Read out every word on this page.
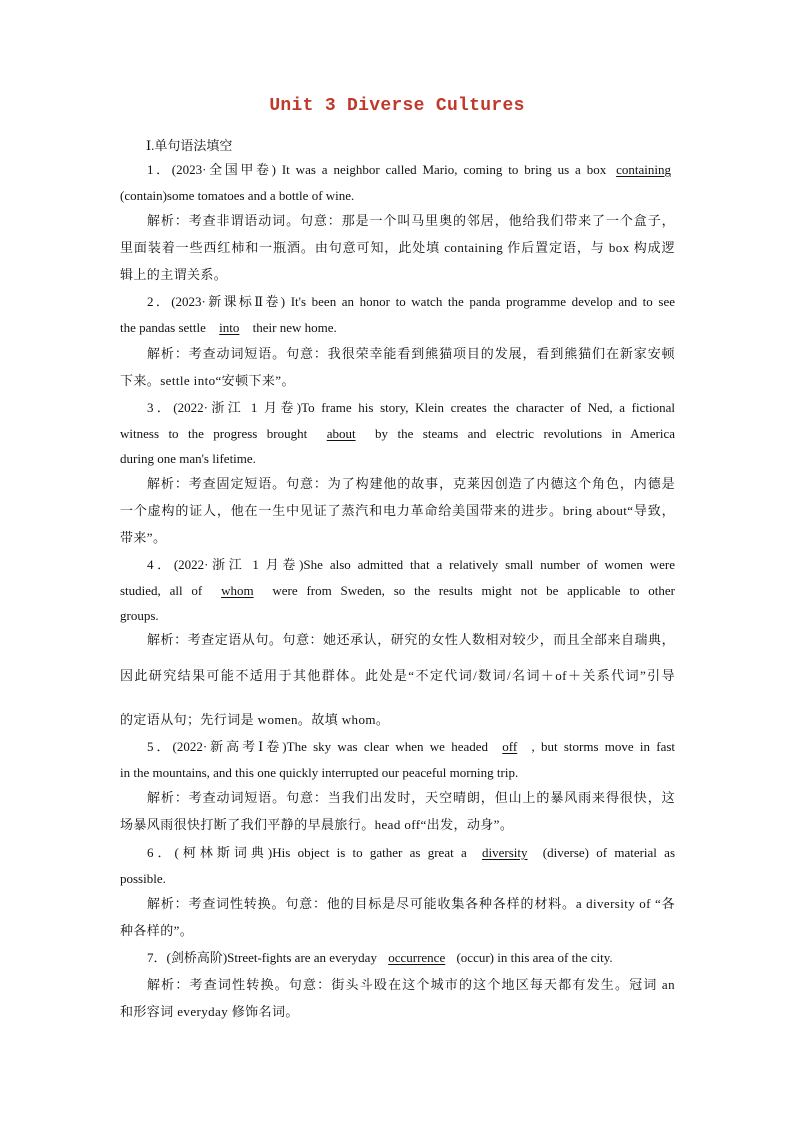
Unit 3 Diverse Cultures
Ⅰ.单句语法填空
1．(2023·全国甲卷) It was a neighbor called Mario, coming to bring us a box containing
(contain)some tomatoes and a bottle of wine.
解析：考查非谓语动词。句意：那是一个叫马里奥的邻居，他给我们带来了一个盒子，
里面装着一些西红柿和一瓶酒。由句意可知，此处填 containing 作后置定语，与 box 构成逻
辑上的主谓关系。
2．(2023·新课标Ⅱ卷) It's been an honor to watch the panda programme develop and to see
the pandas settle into their new home.
解析：考查动词短语。句意：我很荣幸能看到熊猫项目的发展，看到熊猫们在新家安顿
下来。settle into“安顿下来”。
3．(2022·浙江 1 月卷)To frame his story, Klein creates the character of Ned, a fictional
witness to the progress brought about by the steams and electric revolutions in America
during one man's lifetime.
解析：考查固定短语。句意：为了构建他的故事，克莱因创造了内德这个角色，内德是
一个虚构的证人，他在一生中见证了蒸汽和电力革命给美国带来的进步。bring about“导致，
带来”。
4．(2022·浙江 1 月卷)She also admitted that a relatively small number of women were
studied, all of whom were from Sweden, so the results might not be applicable to other
groups.
解析：考查定语从句。句意：她还承认，研究的女性人数相对较少，而且全部来自瑞典，
因此研究结果可能不适用于其他群体。此处是“不定代词/数词/名词＋of＋关系代词”引导
的定语从句；先行词是 women。故填 whom。
5．(2022·新高考Ⅰ卷)The sky was clear when we headed off , but storms move in fast
in the mountains, and this one quickly interrupted our peaceful morning trip.
解析：考查动词短语。句意：当我们出发时，天空晴朗，但山上的暴风雨来得很快，这
场暴风雨很快打断了我们平静的早晨旅行。head off“出发，动身”。
6．(柯林斯词典)His object is to gather as great a diversity (diverse) of material as
possible.
解析：考查词性转换。句意：他的目标是尽可能收集各种各样的材料。a diversity of “各
种各样的”。
7．(剑桥高阶)Street-fights are an everyday occurrence (occur) in this area of the city.
解析：考查词性转换。句意：街头斗殴在这个城市的这个地区每天都有发生。冠词 an
和形容词 everyday 修饰名词。
